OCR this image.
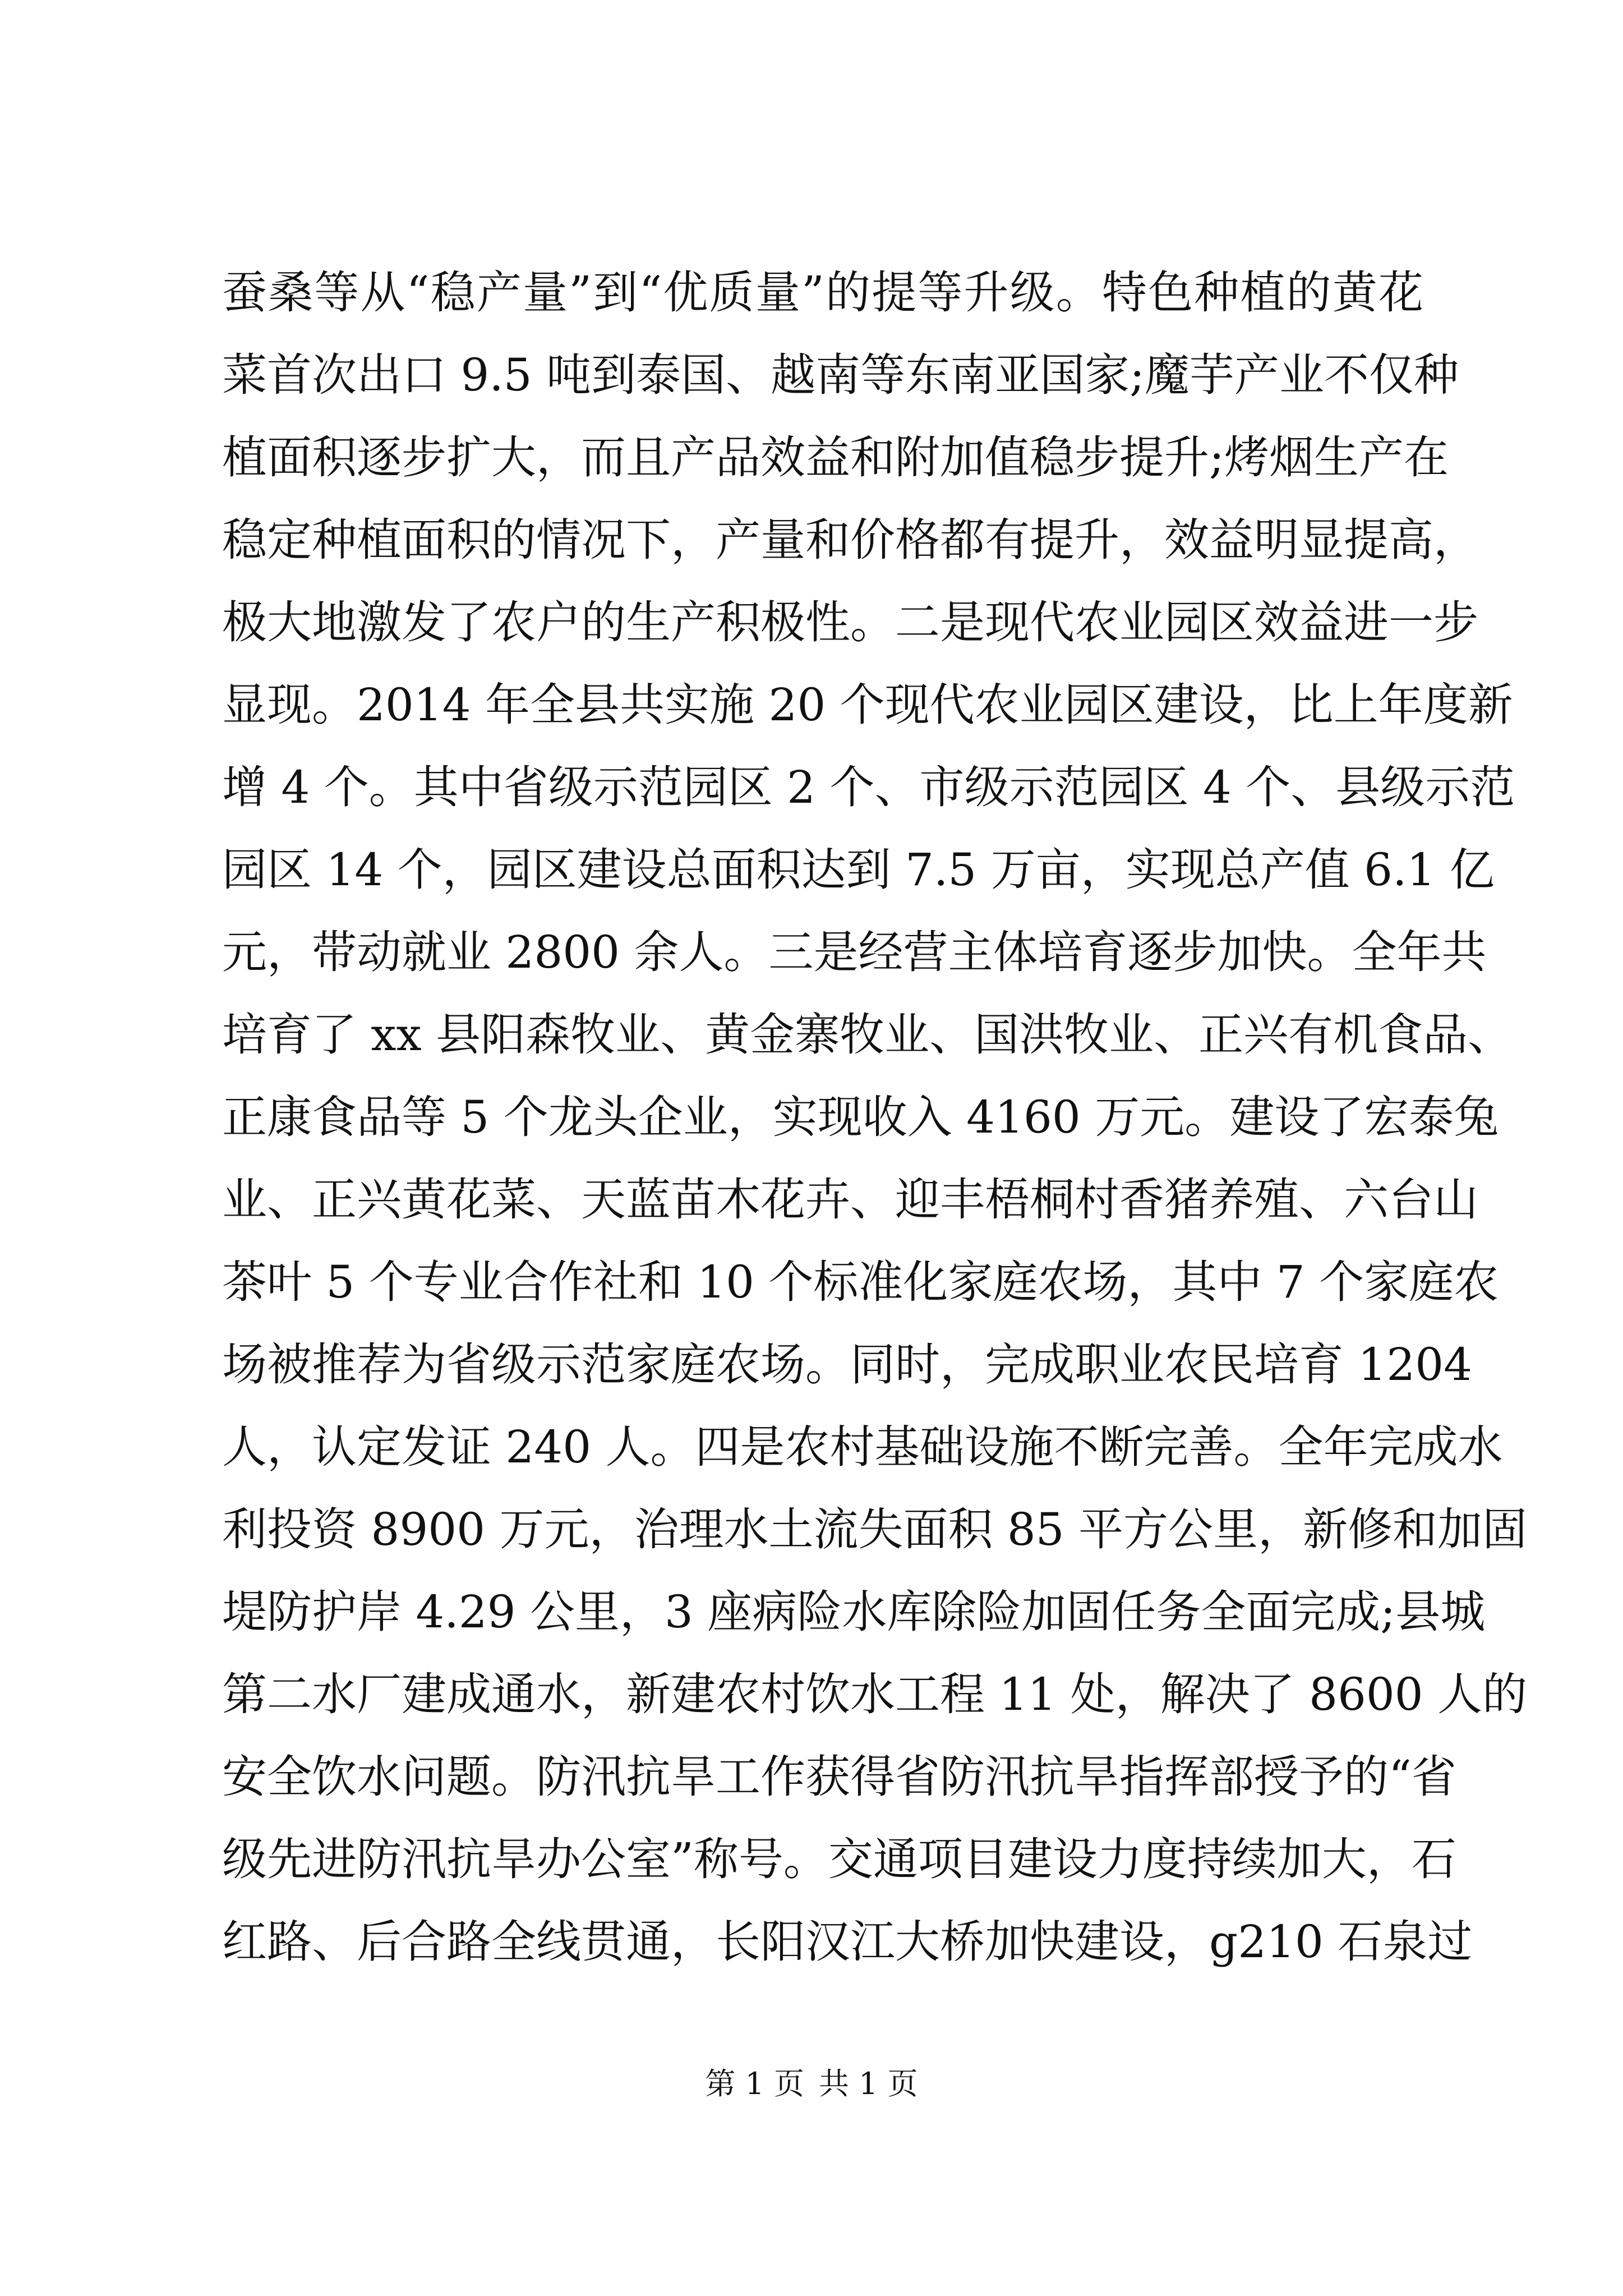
蚕桑等从“稳产量”到“优质量”的提等升级。特色种植的黄花
菜首次出口 9.5 吨到泰国、越南等东南亚国家;魔芋产业不仅种
植面积逐步扩大，而且产品效益和附加值稳步提升;烤烟生产在
稳定种植面积的情况下，产量和价格都有提升，效益明显提高，
极大地激发了农户的生产积极性。二是现代农业园区效益进一步
显现。2014 年全县共实施 20 个现代农业园区建设，比上年度新
增 4 个。其中省级示范园区 2 个、市级示范园区 4 个、县级示范
园区 14 个，园区建设总面积达到 7.5 万亩，实现总产值 6.1 亿
元，带动就业 2800 余人。三是经营主体培育逐步加快。全年共
培育了 xx 县阳森牧业、黄金寨牧业、国洪牧业、正兴有机食品、
正康食品等 5 个龙头企业，实现收入 4160 万元。建设了宏泰兔
业、正兴黄花菜、天蓝苗木花卉、迎丰梧桐村香猪养殖、六台山
茶叶 5 个专业合作社和 10 个标准化家庭农场，其中 7 个家庭农
场被推荐为省级示范家庭农场。同时，完成职业农民培育 1204
人，认定发证 240 人。四是农村基础设施不断完善。全年完成水
利投资 8900 万元，治理水土流失面积 85 平方公里，新修和加固
堤防护岸 4.29 公里，3 座病险水库除险加固任务全面完成;县城
第二水厂建成通水，新建农村饮水工程 11 处，解决了 8600 人的
安全饮水问题。防汛抗旱工作获得省防汛抗旱指挥部授予的“省
级先进防汛抗旱办公室”称号。交通项目建设力度持续加大，石
红路、后合路全线贯通，长阳汉江大桥加快建设，g210 石泉过
第 1 页 共 1 页
